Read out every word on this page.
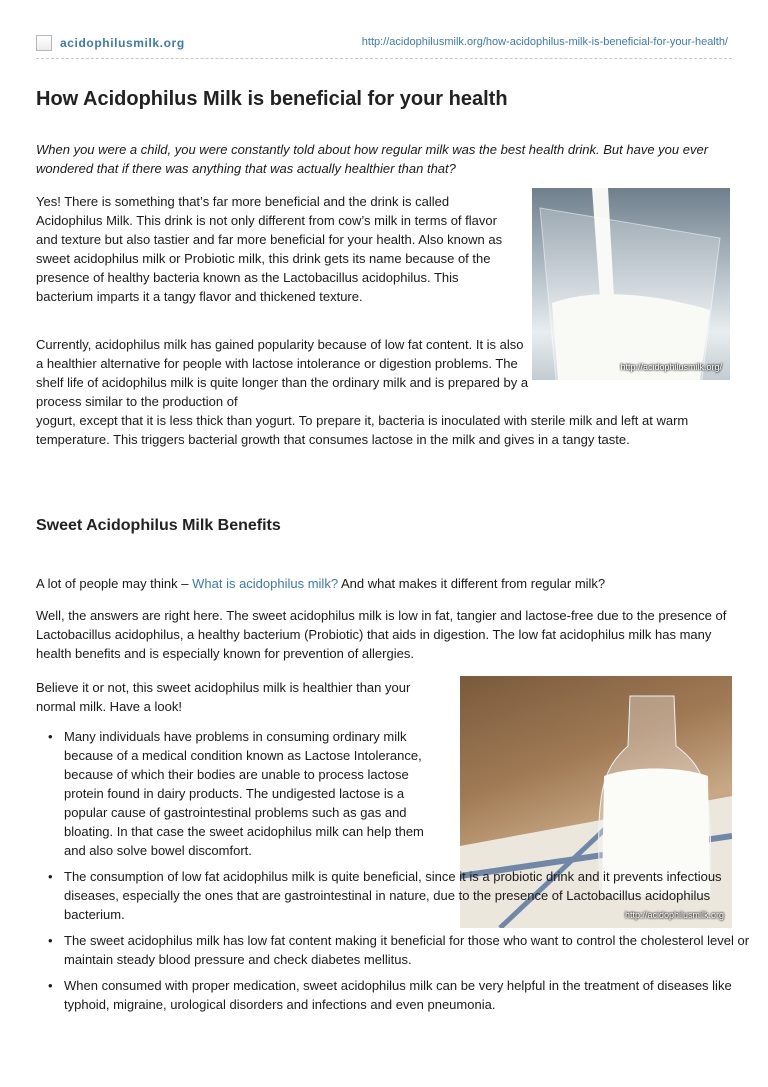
acidophilusmilk.org	http://acidophilusmilk.org/how-acidophilus-milk-is-beneficial-for-your-health/
How Acidophilus Milk is beneficial for your health

When you were a child, you were constantly told about how regular milk was the best health drink. But have you ever wondered that if there was anything that was actually healthier than that?

Yes! There is something that’s far more beneficial and the drink is called Acidophilus Milk. This drink is not only different from cow’s milk in terms of flavor and texture but also tastier and far more beneficial for your health. Also known as sweet acidophilus milk or Probiotic milk, this drink gets its name because of the presence of healthy bacteria known as the Lactobacillus acidophilus. This bacterium imparts it a tangy flavor and thickened texture.

Currently, acidophilus milk has gained popularity because of low fat content. It is also a healthier alternative for people with lactose intolerance or digestion problems. The shelf life of acidophilus milk is quite longer than the ordinary milk and is prepared by a process similar to the production of

yogurt, except that it is less thick than yogurt. To prepare it, bacteria is inoculated with sterile milk and left at warm temperature. This triggers bacterial growth that consumes lactose in the milk and gives in a tangy taste.

http://acidophilusmilk.org/
Sweet Acidophilus Milk Benefits

A lot of people may think – What is acidophilus milk? And what makes it different from regular milk?

Well, the answers are right here. The sweet acidophilus milk is low in fat, tangier and lactose-free due to the presence of Lactobacillus acidophilus, a healthy bacterium (Probiotic) that aids in digestion. The low fat acidophilus milk has many health benefits and is especially known for prevention of allergies.

Believe it or not, this sweet acidophilus milk is healthier than your normal milk. Have a look!

http://acidophilusmilk.org
• Many individuals have problems in consuming ordinary milk because of a medical condition known as Lactose Intolerance, because of which their bodies are unable to process lactose protein found in dairy products. The undigested lactose is a popular cause of gastrointestinal problems such as gas and bloating. In that case the sweet acidophilus milk can help them and also solve bowel discomfort.
• The consumption of low fat acidophilus milk is quite beneficial, since it is a probiotic drink and it prevents infectious diseases, especially the ones that are gastrointestinal in nature, due to the presence of Lactobacillus acidophilus bacterium.
• The sweet acidophilus milk has low fat content making it beneficial for those who want to control the cholesterol level or maintain steady blood pressure and check diabetes mellitus.
• When consumed with proper medication, sweet acidophilus milk can be very helpful in the treatment of diseases like typhoid, migraine, urological disorders and infections and even pneumonia.
